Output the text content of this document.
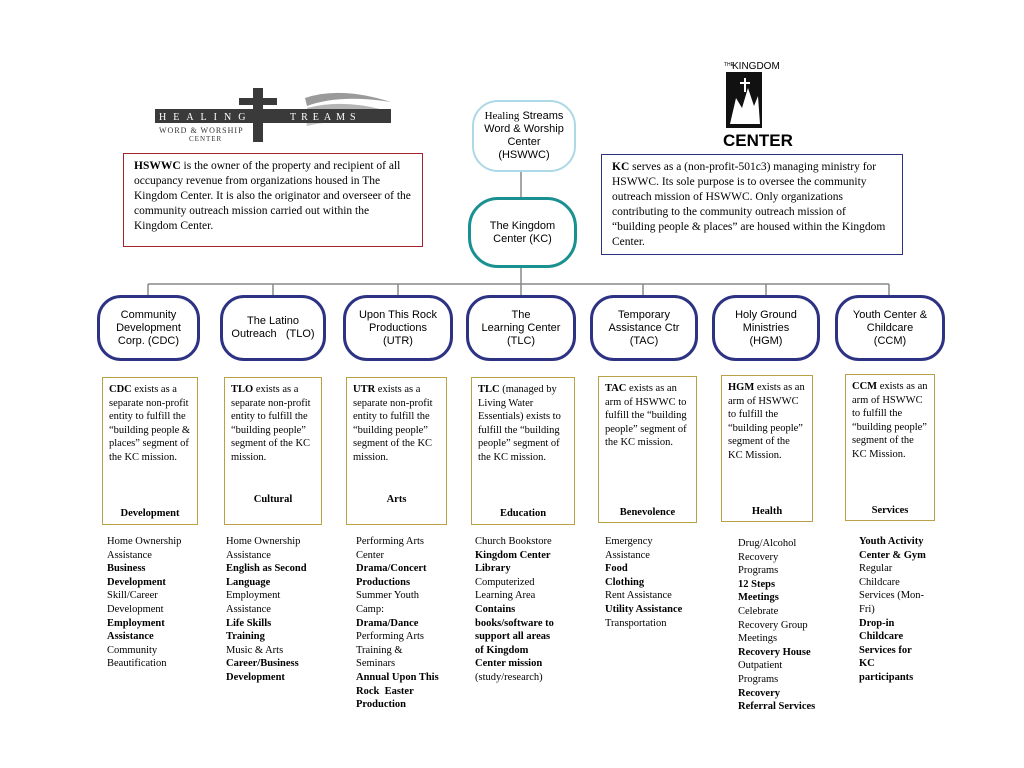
HEALING	TREAMS
WORD & WORSHIP
CENTER
THE
KINGDOM
CENTER
Healing Streams
Word & Worship
Center
(HSWWC)
The Kingdom
Center (KC)
HSWWC is the owner of the property and recipient of all occupancy revenue from organizations housed in The Kingdom Center. It is also the originator and overseer of the community outreach mission carried out within the Kingdom Center.
KC serves as a (non-profit-501c3) managing ministry for HSWWC. Its sole purpose is to oversee the community outreach mission of HSWWC. Only organizations contributing to the community outreach mission of “building people & places” are housed within the Kingdom Center.
Community
Development
Corp. (CDC)
CDC exists as a separate non-profit entity to fulfill the “building people & places” segment of the KC mission.
Development
Home Ownership
Assistance
Business
Development
Skill/Career
Development
Employment
Assistance
Community
Beautification
The Latino
Outreach   (TLO)
TLO exists as a separate non-profit entity to fulfill the “building people” segment of the KC mission.
Cultural
Home Ownership
Assistance
English as Second
Language
Employment
Assistance
Life Skills
Training
Music & Arts
Career/Business
Development
Upon This Rock
Productions
(UTR)
UTR exists as a separate non-profit entity to fulfill the “building people” segment of the KC mission.
Arts
Performing Arts
Center
Drama/Concert
Productions
Summer Youth
Camp:
Drama/Dance
Performing Arts
Training &
Seminars
Annual Upon This
Rock  Easter
Production
The
Learning Center
(TLC)
TLC (managed by Living Water Essentials) exists to fulfill the “building people” segment of the KC mission.
Education
Church Bookstore
Kingdom Center
Library
Computerized
Learning Area
Contains
books/software to
support all areas
of Kingdom
Center mission
(study/research)
Temporary
Assistance Ctr
(TAC)
TAC exists as an arm of HSWWC to fulfill the “building people” segment of the KC mission.
Benevolence
Emergency
Assistance
Food
Clothing
Rent Assistance
Utility Assistance
Transportation
Holy Ground
Ministries
(HGM)
HGM exists as an arm of HSWWC to fulfill the “building people” segment of the KC Mission.
Health
Drug/Alcohol
Recovery
Programs
12 Steps
Meetings
Celebrate
Recovery Group
Meetings
Recovery House
Outpatient
Programs
Recovery
Referral Services
Youth Center &
Childcare
(CCM)
CCM exists as an arm of HSWWC to fulfill the “building people” segment of the KC Mission.
Services
Youth Activity
Center & Gym
Regular
Childcare
Services (Mon-
Fri)
Drop-in
Childcare
Services for
KC
participants
